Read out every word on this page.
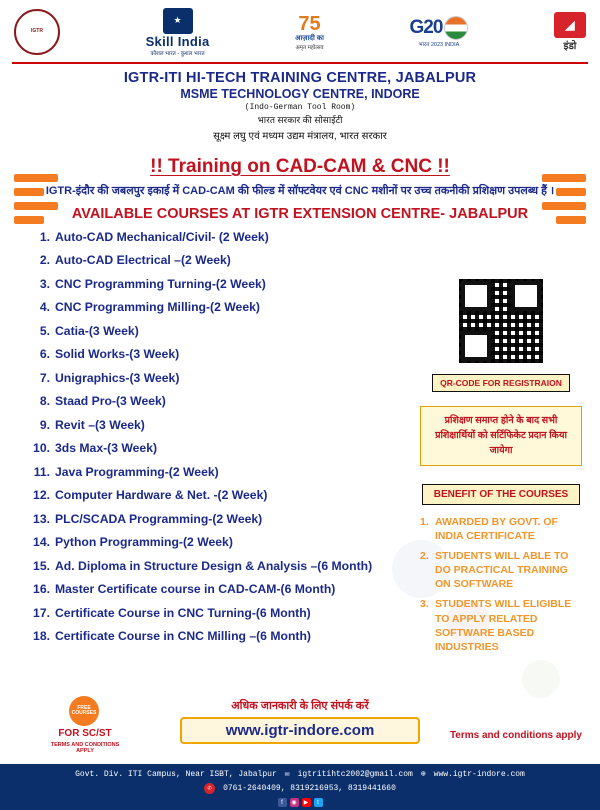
IGTR
★
Skill India
कौशल भारत - कुशल भारत
75
आज़ादी का
अमृत महोत्सव
G20
भारत 2023 INDIA
◢
इंडो
IGTR-ITI HI-TECH TRAINING CENTRE, JABALPUR
MSME TECHNOLOGY CENTRE, INDORE
(Indo-German Tool Room)
भारत सरकार की सोसाईटी
सूक्ष्म लघु एवं मध्यम उद्यम मंत्रालय, भारत सरकार
!! Training on CAD-CAM & CNC !!
IGTR-इंदौर की जबलपुर इकाई में CAD-CAM की फील्ड में सॉफ्टवेयर एवं CNC मशीनों पर उच्च तकनीकी प्रशिक्षण उपलब्ध हैं ।
AVAILABLE COURSES AT IGTR EXTENSION CENTRE- JABALPUR
1. Auto-CAD Mechanical/Civil- (2 Week)
2. Auto-CAD Electrical –(2 Week)
3. CNC Programming Turning-(2 Week)
4. CNC Programming Milling-(2 Week)
5. Catia-(3 Week)
6. Solid Works-(3 Week)
7. Unigraphics-(3 Week)
8. Staad Pro-(3 Week)
9. Revit –(3 Week)
10. 3ds Max-(3 Week)
11. Java Programming-(2 Week)
12. Computer Hardware & Net. -(2 Week)
13. PLC/SCADA Programming-(2 Week)
14. Python Programming-(2 Week)
15. Ad. Diploma in Structure Design & Analysis –(6 Month)
16. Master Certificate course in CAD-CAM-(6 Month)
17. Certificate Course in CNC Turning-(6 Month)
18. Certificate Course in CNC Milling –(6 Month)
QR-CODE FOR REGISTRAION
प्रशिक्षण समाप्त होने के बाद सभी प्रशिक्षार्थियों को सर्टिफिकेट प्रदान किया जायेगा
BENEFIT OF THE COURSES
1. AWARDED BY GOVT. OF INDIA CERTIFICATE
2. STUDENTS WILL ABLE TO DO PRACTICAL TRAINING ON SOFTWARE
3. STUDENTS WILL ELIGIBLE TO APPLY RELATED SOFTWARE BASED INDUSTRIES
FREE COURSES
FOR SC/ST
TERMS AND CONDITIONS APPLY
अधिक जानकारी के लिए संपर्क करें
www.igtr-indore.com	Terms and conditions apply
Govt. Div. ITI Campus, Near ISBT, Jabalpur ✉ igtritihtc2002@gmail.com ⊕ www.igtr-indore.com
✆	0761-2640409, 8319216953, 8319441660
f	◉	▶	t
